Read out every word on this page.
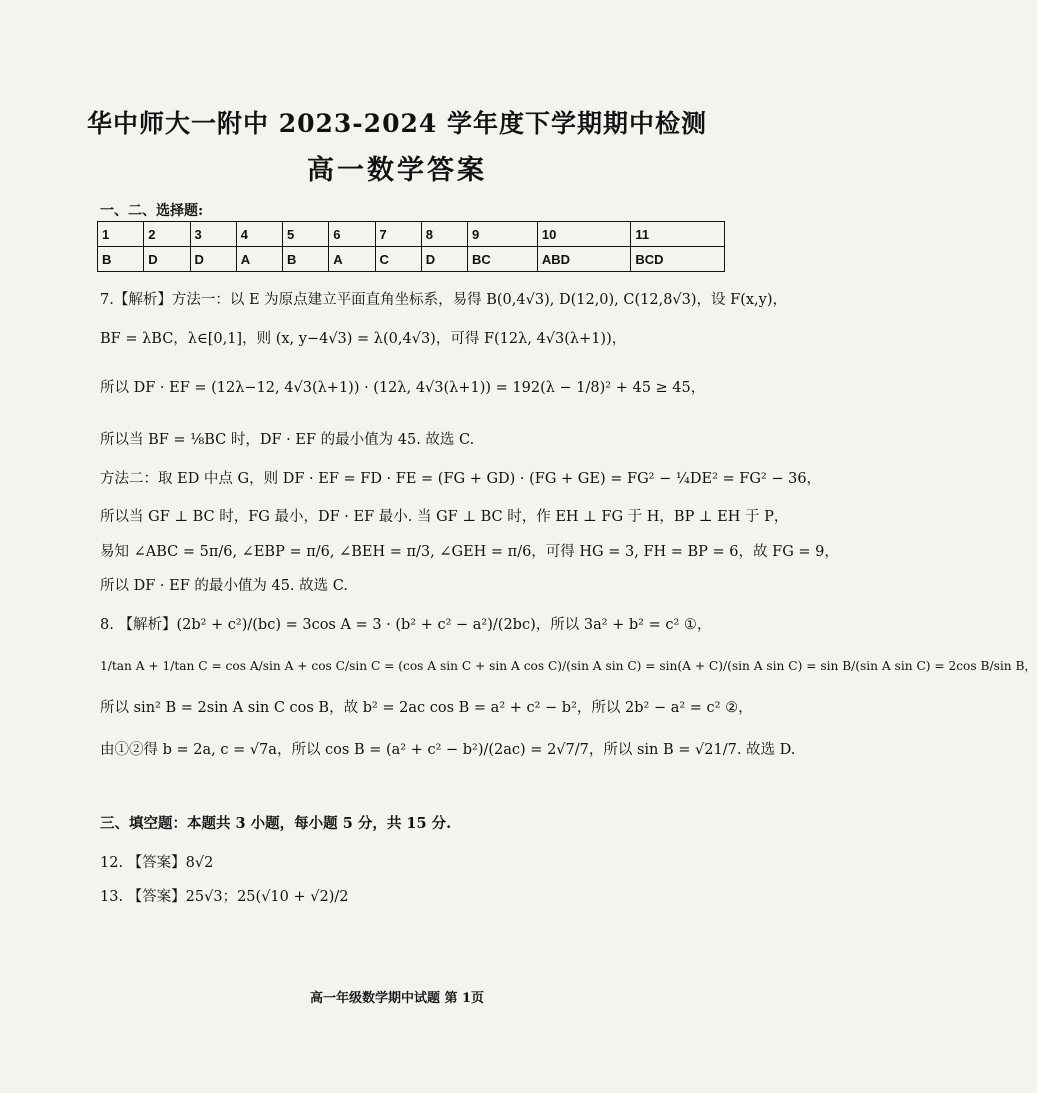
华中师大一附中 2023-2024 学年度下学期期中检测
高一数学答案
一、二、选择题:
1	2	3	4	5	6	7	8	9	10	11
B	D	D	A	B	A	C	D	BC	ABD	BCD
7.【解析】方法一：以 E 为原点建立平面直角坐标系，易得 B(0,4√3), D(12,0), C(12,8√3)，设 F(x,y)，
BF = λBC，λ∈[0,1]，则 (x, y−4√3) = λ(0,4√3)，可得 F(12λ, 4√3(λ+1))，
所以 DF · EF = (12λ−12, 4√3(λ+1)) · (12λ, 4√3(λ+1)) = 192(λ − 1/8)² + 45 ≥ 45，
所以当 BF = ⅛BC 时，DF · EF 的最小值为 45. 故选 C.
方法二：取 ED 中点 G，则 DF · EF = FD · FE = (FG + GD) · (FG + GE) = FG² − ¼DE² = FG² − 36，
所以当 GF ⊥ BC 时，FG 最小，DF · EF 最小. 当 GF ⊥ BC 时，作 EH ⊥ FG 于 H，BP ⊥ EH 于 P，
易知 ∠ABC = 5π/6, ∠EBP = π/6, ∠BEH = π/3, ∠GEH = π/6，可得 HG = 3, FH = BP = 6，故 FG = 9，
所以 DF · EF 的最小值为 45. 故选 C.
8. 【解析】(2b² + c²)/(bc) = 3cos A = 3 · (b² + c² − a²)/(2bc)，所以 3a² + b² = c² ①，
1/tan A + 1/tan C = cos A/sin A + cos C/sin C = (cos A sin C + sin A cos C)/(sin A sin C) = sin(A + C)/(sin A sin C) = sin B/(sin A sin C) = 2cos B/sin B，
所以 sin² B = 2sin A sin C cos B，故 b² = 2ac cos B = a² + c² − b²，所以 2b² − a² = c² ②，
由①②得 b = 2a, c = √7a，所以 cos B = (a² + c² − b²)/(2ac) = 2√7/7，所以 sin B = √21/7. 故选 D.
三、填空题：本题共 3 小题，每小题 5 分，共 15 分.
12. 【答案】8√2
13. 【答案】25√3；25(√10 + √2)/2
高一年级数学期中试题 第 1页
